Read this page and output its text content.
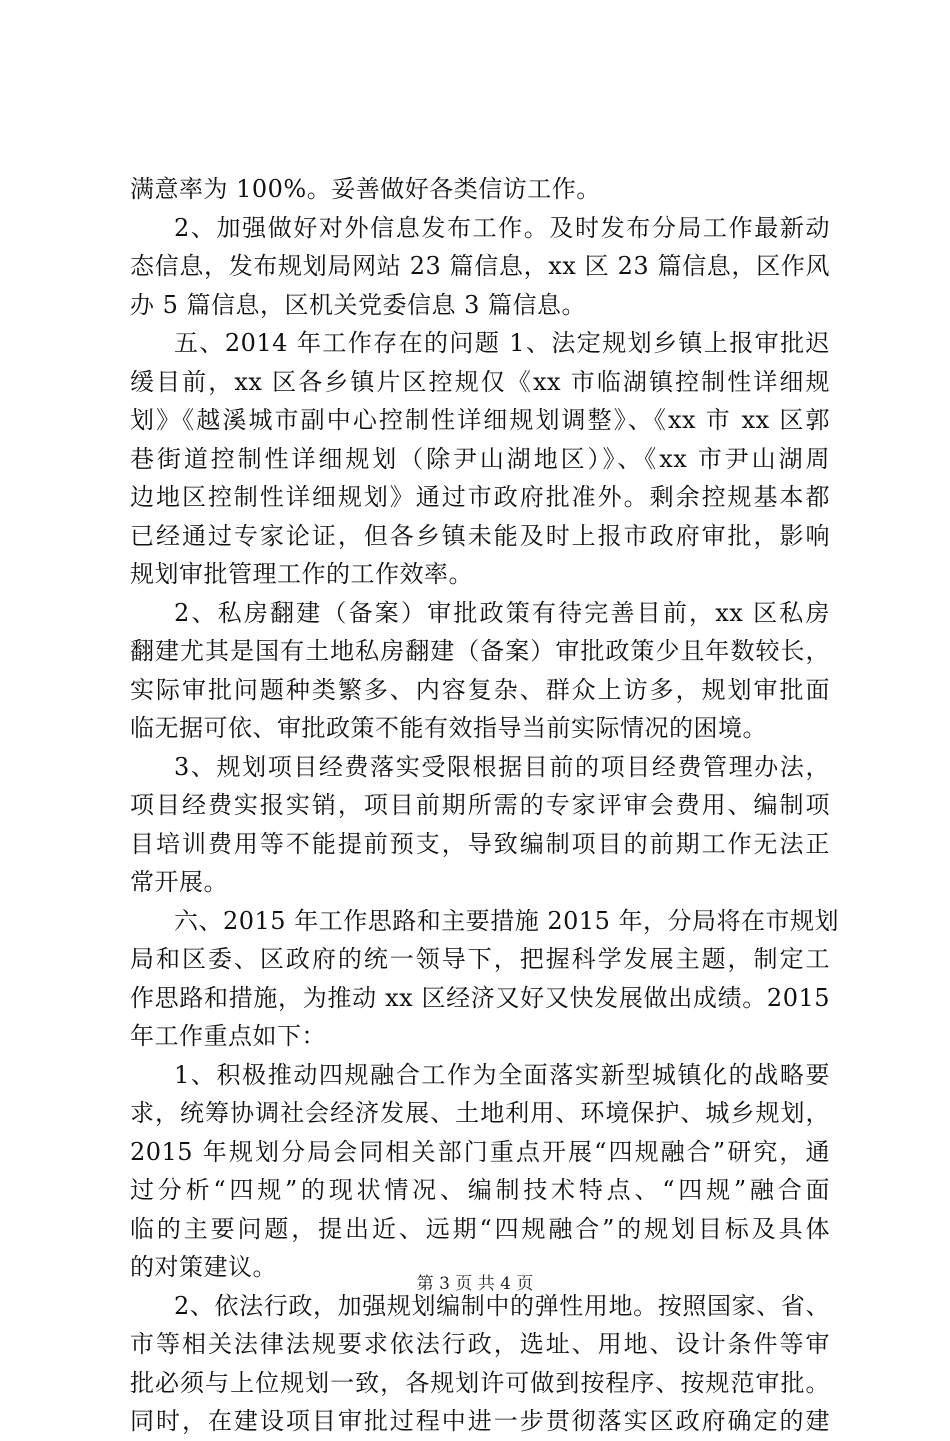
满意率为 100%。妥善做好各类信访工作。
2、加强做好对外信息发布工作。及时发布分局工作最新动
态信息，发布规划局网站 23 篇信息，xx 区 23 篇信息，区作风
办 5 篇信息，区机关党委信息 3 篇信息。
五、2014 年工作存在的问题 1、法定规划乡镇上报审批迟
缓目前，xx 区各乡镇片区控规仅《xx 市临湖镇控制性详细规
划》《越溪城市副中心控制性详细规划调整》、《xx 市 xx 区郭
巷街道控制性详细规划（除尹山湖地区）》、《xx 市尹山湖周
边地区控制性详细规划》通过市政府批准外。剩余控规基本都
已经通过专家论证，但各乡镇未能及时上报市政府审批，影响
规划审批管理工作的工作效率。
2、私房翻建（备案）审批政策有待完善目前，xx 区私房
翻建尤其是国有土地私房翻建（备案）审批政策少且年数较长，
实际审批问题种类繁多、内容复杂、群众上访多，规划审批面
临无据可依、审批政策不能有效指导当前实际情况的困境。
3、规划项目经费落实受限根据目前的项目经费管理办法，
项目经费实报实销，项目前期所需的专家评审会费用、编制项
目培训费用等不能提前预支，导致编制项目的前期工作无法正
常开展。
六、2015 年工作思路和主要措施 2015 年，分局将在市规划
局和区委、区政府的统一领导下，把握科学发展主题，制定工
作思路和措施，为推动 xx 区经济又好又快发展做出成绩。2015
年工作重点如下：
1、积极推动四规融合工作为全面落实新型城镇化的战略要
求，统筹协调社会经济发展、土地利用、环境保护、城乡规划，
2015 年规划分局会同相关部门重点开展“四规融合”研究，通
过分析“四规”的现状情况、编制技术特点、“四规”融合面
临的主要问题，提出近、远期“四规融合”的规划目标及具体
的对策建议。
2、依法行政，加强规划编制中的弹性用地。按照国家、省、
市等相关法律法规要求依法行政，选址、用地、设计条件等审
批必须与上位规划一致，各规划许可做到按程序、按规范审批。
同时，在建设项目审批过程中进一步贯彻落实区政府确定的建
第 3 页 共 4 页
